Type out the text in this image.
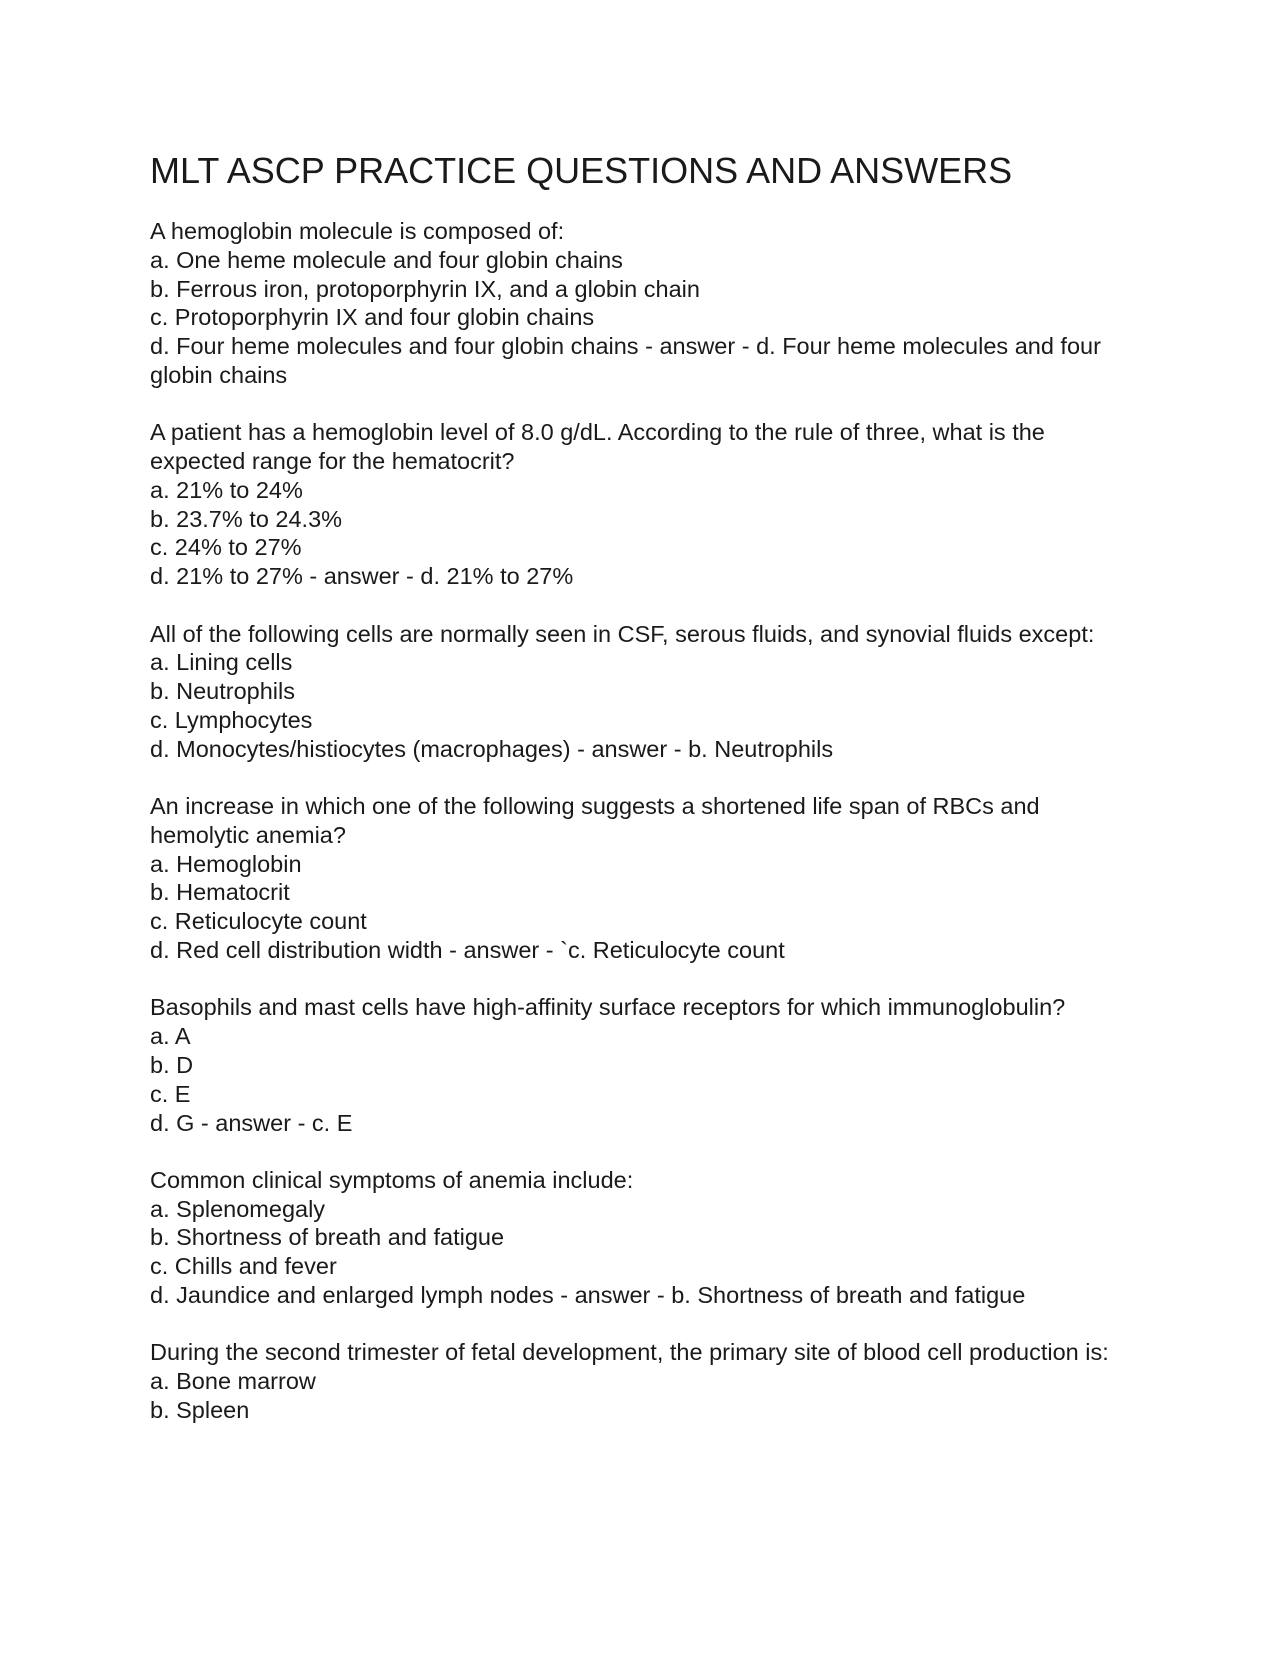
MLT ASCP PRACTICE QUESTIONS AND ANSWERS

A hemoglobin molecule is composed of:

a. One heme molecule and four globin chains

b. Ferrous iron, protoporphyrin IX, and a globin chain

c. Protoporphyrin IX and four globin chains

d. Four heme molecules and four globin chains - answer - d. Four heme molecules and four globin chains

A patient has a hemoglobin level of 8.0 g/dL. According to the rule of three, what is the expected range for the hematocrit?

a. 21% to 24%

b. 23.7% to 24.3%

c. 24% to 27%

d. 21% to 27% - answer - d. 21% to 27%

All of the following cells are normally seen in CSF, serous fluids, and synovial fluids except:

a. Lining cells

b. Neutrophils

c. Lymphocytes

d. Monocytes/histiocytes (macrophages) - answer - b. Neutrophils

An increase in which one of the following suggests a shortened life span of RBCs and hemolytic anemia?

a. Hemoglobin

b. Hematocrit

c. Reticulocyte count

d. Red cell distribution width - answer - `c. Reticulocyte count

Basophils and mast cells have high-affinity surface receptors for which immunoglobulin?

a. A

b. D

c. E

d. G - answer - c. E

Common clinical symptoms of anemia include:

a. Splenomegaly

b. Shortness of breath and fatigue

c. Chills and fever

d. Jaundice and enlarged lymph nodes - answer - b. Shortness of breath and fatigue

During the second trimester of fetal development, the primary site of blood cell production is:

a. Bone marrow

b. Spleen
